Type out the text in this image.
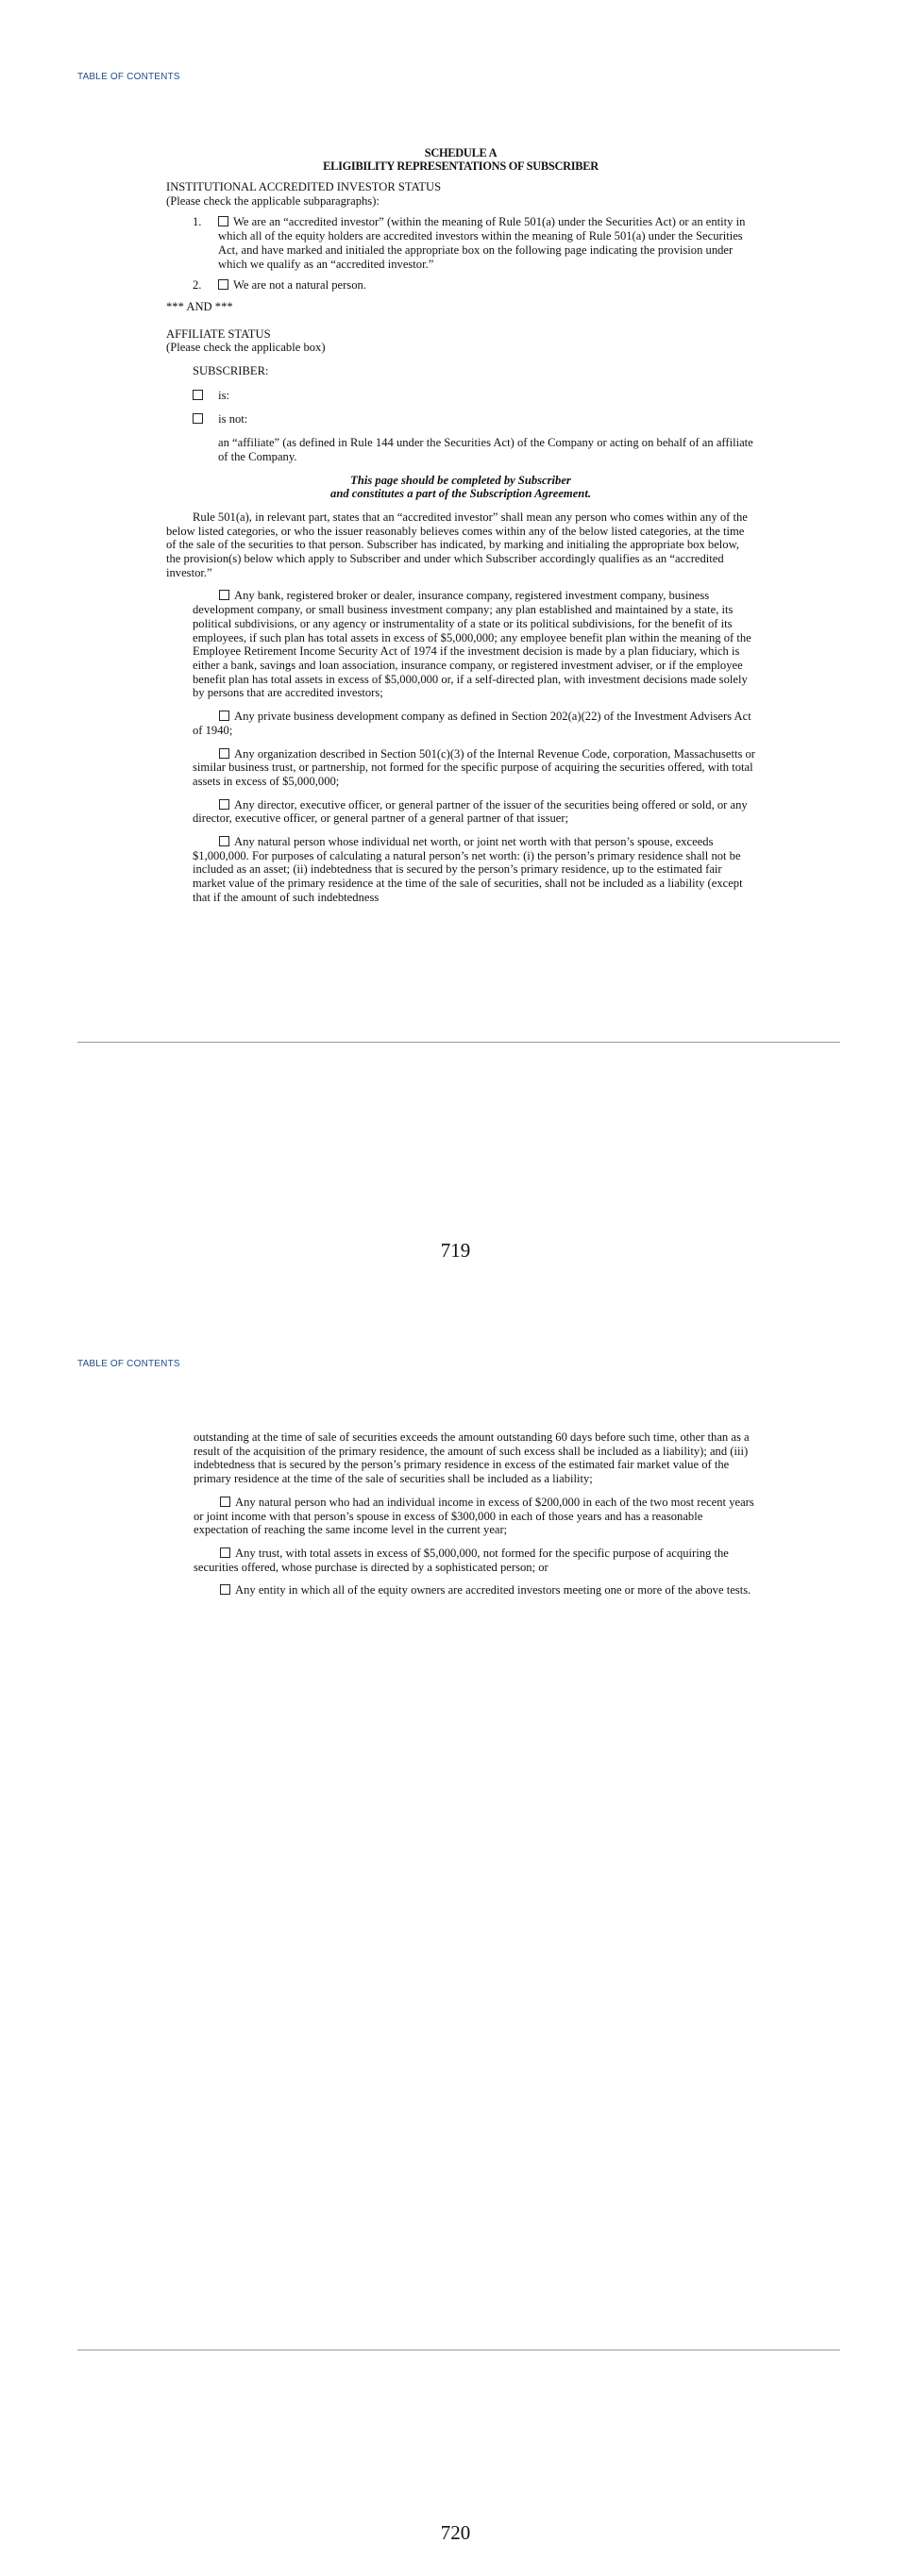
TABLE OF CONTENTS
SCHEDULE A
ELIGIBILITY REPRESENTATIONS OF SUBSCRIBER
INSTITUTIONAL ACCREDITED INVESTOR STATUS
(Please check the applicable subparagraphs):
1.	We are an “accredited investor” (within the meaning of Rule 501(a) under the Securities Act) or an entity in which all of the equity holders are accredited investors within the meaning of Rule 501(a) under the Securities Act, and have marked and initialed the appropriate box on the following page indicating the provision under which we qualify as an “accredited investor.”
2.	We are not a natural person.
*** AND ***
AFFILIATE STATUS
(Please check the applicable box)
SUBSCRIBER:
is:
is not:
an “affiliate” (as defined in Rule 144 under the Securities Act) of the Company or acting on behalf of an affiliate of the Company.
This page should be completed by Subscriber
and constitutes a part of the Subscription Agreement.
Rule 501(a), in relevant part, states that an “accredited investor” shall mean any person who comes within any of the below listed categories, or who the issuer reasonably believes comes within any of the below listed categories, at the time of the sale of the securities to that person. Subscriber has indicated, by marking and initialing the appropriate box below, the provision(s) below which apply to Subscriber and under which Subscriber accordingly qualifies as an “accredited investor.”
Any bank, registered broker or dealer, insurance company, registered investment company, business development company, or small business investment company; any plan established and maintained by a state, its political subdivisions, or any agency or instrumentality of a state or its political subdivisions, for the benefit of its employees, if such plan has total assets in excess of $5,000,000; any employee benefit plan within the meaning of the Employee Retirement Income Security Act of 1974 if the investment decision is made by a plan fiduciary, which is either a bank, savings and loan association, insurance company, or registered investment adviser, or if the employee benefit plan has total assets in excess of $5,000,000 or, if a self-directed plan, with investment decisions made solely by persons that are accredited investors;
Any private business development company as defined in Section 202(a)(22) of the Investment Advisers Act of 1940;
Any organization described in Section 501(c)(3) of the Internal Revenue Code, corporation, Massachusetts or similar business trust, or partnership, not formed for the specific purpose of acquiring the securities offered, with total assets in excess of $5,000,000;
Any director, executive officer, or general partner of the issuer of the securities being offered or sold, or any director, executive officer, or general partner of a general partner of that issuer;
Any natural person whose individual net worth, or joint net worth with that person’s spouse, exceeds $1,000,000. For purposes of calculating a natural person’s net worth: (i) the person’s primary residence shall not be included as an asset; (ii) indebtedness that is secured by the person’s primary residence, up to the estimated fair market value of the primary residence at the time of the sale of securities, shall not be included as a liability (except that if the amount of such indebtedness
719
TABLE OF CONTENTS
outstanding at the time of sale of securities exceeds the amount outstanding 60 days before such time, other than as a result of the acquisition of the primary residence, the amount of such excess shall be included as a liability); and (iii) indebtedness that is secured by the person’s primary residence in excess of the estimated fair market value of the primary residence at the time of the sale of securities shall be included as a liability;
Any natural person who had an individual income in excess of $200,000 in each of the two most recent years or joint income with that person’s spouse in excess of $300,000 in each of those years and has a reasonable expectation of reaching the same income level in the current year;
Any trust, with total assets in excess of $5,000,000, not formed for the specific purpose of acquiring the securities offered, whose purchase is directed by a sophisticated person; or
Any entity in which all of the equity owners are accredited investors meeting one or more of the above tests.
720
